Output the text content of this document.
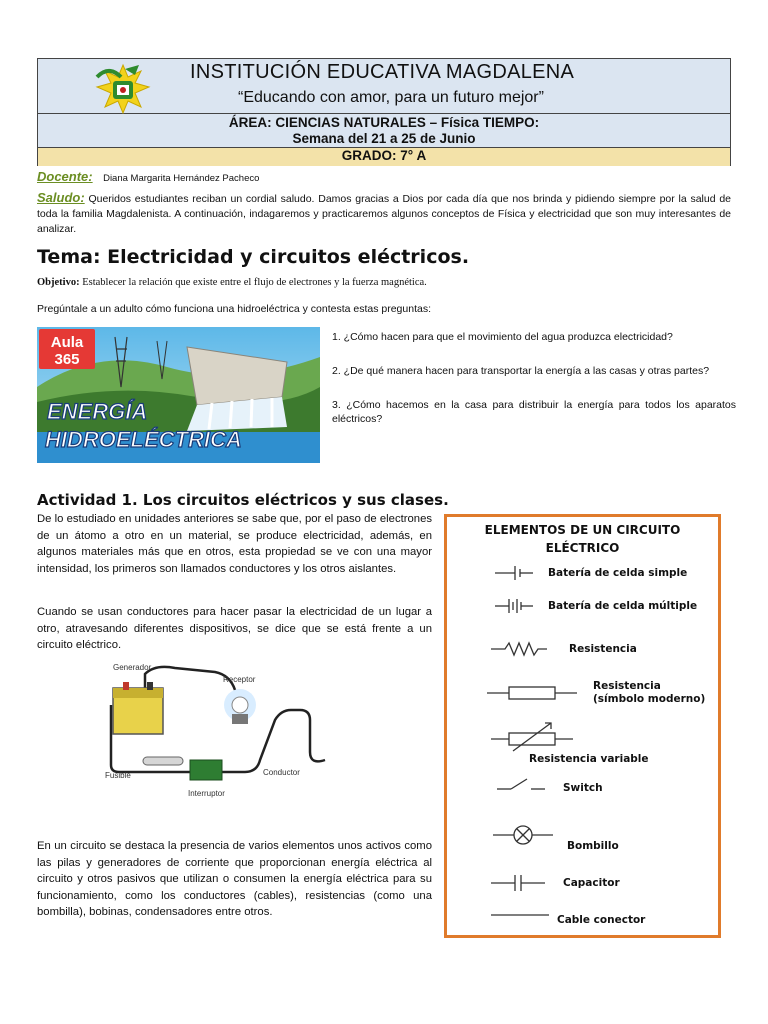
INSTITUCIÓN EDUCATIVA MAGDALENA
“Educando con amor, para un futuro mejor”
ÁREA: CIENCIAS NATURALES – Física TIEMPO:
Semana del 21 a 25 de Junio
GRADO: 7° A
Docente: Diana Margarita Hernández Pacheco
Saludo: Queridos estudiantes reciban un cordial saludo. Damos gracias a Dios por cada día que nos brinda y pidiendo siempre por la salud de toda la familia Magdalenista. A continuación, indagaremos y practicaremos algunos conceptos de Física y electricidad que son muy interesantes de analizar.
Tema: Electricidad y circuitos eléctricos.
Objetivo: Establecer la relación que existe entre el flujo de electrones y la fuerza magnética.
Pregúntale a un adulto cómo funciona una hidroeléctrica y contesta estas preguntas:
Aula
365
ENERGÍA
HIDROELÉCTRICA

1. ¿Cómo hacen para que el movimiento del agua produzca electricidad?

2. ¿De qué manera hacen para transportar la energía a las casas y otras partes?

3. ¿Cómo hacemos en la casa para distribuir la energía para todos los aparatos eléctricos?

Actividad 1. Los circuitos eléctricos y sus clases.
De lo estudiado en unidades anteriores se sabe que, por el paso de electrones de un átomo a otro en un material, se produce electricidad, además, en algunos materiales más que en otros, esta propiedad se ve con una mayor intensidad, los primeros son llamados conductores y los otros aislantes.
Cuando se usan conductores para hacer pasar la electricidad de un lugar a otro, atravesando diferentes dispositivos, se dice que se está frente a un circuito eléctrico.
Generador
Receptor
Fusible	Conductor
Interruptor
En un circuito se destaca la presencia de varios elementos unos activos como las pilas y generadores de corriente que proporcionan energía eléctrica al circuito y otros pasivos que utilizan o consumen la energía eléctrica para su funcionamiento, como los conductores (cables), resistencias (como una bombilla), bobinas, condensadores entre otros.
ELEMENTOS DE UN CIRCUITO ELÉCTRICO
Batería de celda simple
Batería de celda múltiple
Resistencia
Resistencia (símbolo moderno)
Resistencia variable
Switch
Bombillo
Capacitor
Cable conector
